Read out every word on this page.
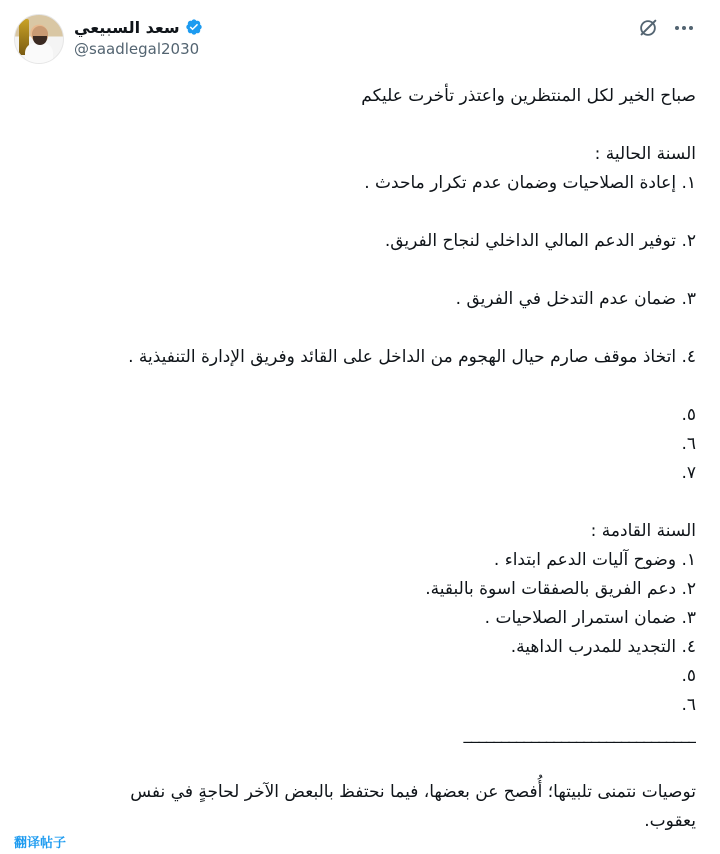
سعد السبيعي
@saadlegal2030
صباح الخير لكل المنتظرين واعتذر تأخرت عليكم
السنة الحالية :
١. إعادة الصلاحيات وضمان عدم تكرار ماحدث .
٢. توفير الدعم المالي الداخلي لنجاح الفريق.
٣. ضمان عدم التدخل في الفريق .
٤. اتخاذ موقف صارم حيال الهجوم من الداخل على القائد وفريق الإدارة التنفيذية .
٥.
٦.
٧.
السنة القادمة :
١. وضوح آليات الدعم ابتداء .
٢. دعم الفريق بالصفقات اسوة بالبقية.
٣. ضمان استمرار الصلاحيات .
٤. التجديد للمدرب الداهية.
٥.
٦.
_______________________________
توصيات نتمنى تلبيتها؛ أُفصح عن بعضها، فيما نحتفظ بالبعض الآخر لحاجةٍ في نفس
يعقوب.
翻译帖子
